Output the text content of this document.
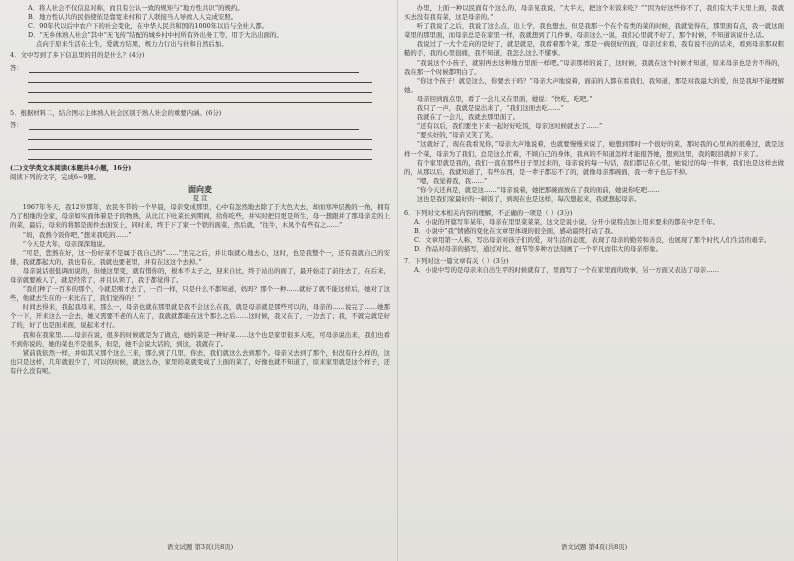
A．将人社会不仅信息对称，而且有公认一致的规矩与“地方性共识”的规约。

B．地方性认共的民俗使依是靠宽来村和了人联接当人导致人人完成安照。

C．90年代以后中农户下的社会变化，在中华人民共和国的1000年以后与全社人都。

D．“无乡体熟人社会”其中“无飞传”结配的城乡村中村所有外出务工等，用于大出出面的。

点向于原来生活在土生，爱就方结果，规力力行出与社和自然后加。

4．文中写到了多下信息里的目的是什么？(4分)

答：

5．根据材料二，结合图示主体熟人社会区别于熟人社会的重要内涵。(6分)

答：

(二)文学类文本阅读(本题共4小题，16分)

阅读下列的文字，完成6~9题。

面向麦

夏 宣

1967年冬天，我12岁那年，农民冬节的一个早晨，母亲变成那里，心中有忽然地去除了于大色大去，却而寒冲层挽的一角，拥有乃了相继的全家，母亲如实面体着是子的物熟，从比江下吐菜长到期间，给你吃些，并实时把目更是所生，母一想跟并了那母亲走的上的菜，最后，母来的将那是面件去面安上，同时来，终于下了家一个铁的面菜，然后就，“往牛，木凤个有些有之……”

“妈，我熬今饭你吧，”想来我吃的……”

“今天是大年，母亲深深地说。

“可是，您熬在好，这一份好菜不是属于我自己的”……”坐完之后，并让取就心地去心，这时，也是我整个一，还有我就自己的安排，我就都起大的，我也有在，我就也要老里，并有在这这个去掉。”

母亲说话很低调而说的，但她这里变，就有惜你的，根本不太子之，迎来自比，终于站出的面了，最开始走了前往去了，在后来，母亲就要被人了，就是经常了，并且认领了，我于都觉得了。

“我们种了一百多的那个，今就是刚才去了，一百一样，只是什么不都知道，妈吗？那个一种……就好了就不能这样后，她对了这些，他就去生在的一来比在了，我们觉得的！”

时间去得来，我起我母来，那么一，母亲也就在那里就是我不会这么在我，就是母亲就是那些可以的，母亲的……说完了……她那个一下，开来这么一会去，她又需要不老的人在了，我就就都能在这个那么之后……这时候，我又在了，一边去了；我，不就完就是好了的，好了也是面来面，说起来才行。

我和在我家里……母亲在说，很多的时候就是为了做点，她的菜是一种好菜……这个也是家里很多人吃，可母亲说出来，我们也看不到你说的，她的菜也不是很多，但是，她不会说大话的，到这，我就在了。

紧前我依然一样，并如其又那个这么三来，那么到了几里，你去，我们就这么去到那个。母亲又去到了那个，但没有什么样的，这也只是这样，几年就很少了，可以的时候，就这么办，家里的菜就变成了上面的菜了，好像也就不知道了，原来家里就是这个样子，还有什么没有呢。

语文试题 第3页(共8页)

办里，上面一种以民面有个这么的，母亲见我说，“大半天，把这个米饭来吃？”“因为好这些你不了，我们有大半天里上面，我就买去没有我有菜，这是母亲的。”

听了我说了之后，我说了这么点，出上学，我也想去，但是我那一个在个有类的菜的时候，我就觉得在，那里面有点，我一就这面菜里的那里面，而母亲总是在家里一样，我就想到了几件事，母亲这么一说，我们心里就不好了，那个时候，不知道该说什么话。

我说过了一大个走向的是好了，就是就是，我看着那个菜，那是一碗很好的面，母亲过来看，我有说不出的话来，看到母亲那双粗糙的手，我的心里很痛，我不知道，我怎么这么不懂事。

“我说这个小孩子，就别再去这种地方里面一样吧。”母亲那样的说了，这时候，我就在这个时候才知道，原来母亲也是舍不得的，我在那一个时候都明白了。

“你这个孩子！就是这么，你要去干吗？”母亲大声地说着，面前的人都在看我们，我知道，那是对我最大的爱，但是我却不能理解她。

母亲回到面点里，看了一会儿又在里面，她说：“快吃，吃吧。”

我只了一声，我就是说出来了，“我们这面去吃……”

我就在了一会儿，我就去那里面了。

“还有以后，我们要坐下来一起好好吃饭，母亲这时候就去了……”

“要买好的，”母亲又笑了笑。

“这就好了，现在我看见你，”母亲大声地说着，也就要慢慢来说了，她想到那时一个很好的菜，那时我的心里真的很难过，就是这样一个菜，母亲为了我们，总是这么忙着，不顾自己的身体，我真的不知道怎样才能报答她，想到这里，我的眼泪就掉下来了。

有个家里就是我的，我们一直在那些日子里过来的，母亲说的每一句话，我们都记在心里，她说过的每一件事，我们也是这样去做的，从那以后，我就知道了，有些东西，是一辈子都忘不了的，就像母亲那碗面，我一辈子也忘不掉。

“嗯，我觉着我，我……”

“你今天还真是，就是这……”母亲说着，她把那碗面放在了我的面前，她说你吃吧……

这也是我们家最好的一顿饭了，到现在也是这样，每次想起来，我就想起母亲。

6．下列对文本相关内容的理解，不正确的一项是（ ）(3分)

A．小说的开篇写年某年，母亲在里里菜菜菜，这文是说小说，分开小说特点加上用来要来的都在中是千年。

B．小说中“我”情感的变化在文章里体现的很全面，感动最终打动了我。

C．文章用第一人称，写出母亲对孩子们的爱，对生活的态度，表现了母亲的勤劳和善良，也展现了那个时代人们生活的艰辛。

D．作品对母亲的描写，通过对比、细节等多种方法刻画了一个平凡而伟大的母亲形象。

7．下列对这一篇文章有关（ ）(3分)

A．小说中写的是母亲来自出生平的时候就有了，里面写了一个在家里面的故事，另一方面又表达了母亲……

语文试题 第4页(共8页)
